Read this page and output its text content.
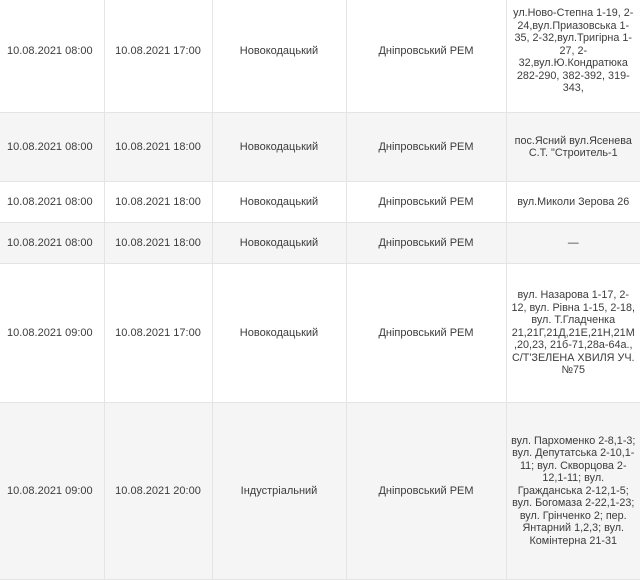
10.08.2021 08:00	10.08.2021 17:00	Новокодацький	Дніпровський РЕМ	ул.Ново-Степна 1-19, 2-24,вул.Приазовська 1-35, 2-32,вул.Тригірна 1-27, 2-32,вул.Ю.Кондратюка 282-290, 382-392, 319-343,
10.08.2021 08:00	10.08.2021 18:00	Новокодацький	Дніпровський РЕМ	пос.Ясний вул.Ясенева С.Т. "Строитель-1
10.08.2021 08:00	10.08.2021 18:00	Новокодацький	Дніпровський РЕМ	вул.Миколи Зерова 26
10.08.2021 08:00	10.08.2021 18:00	Новокодацький	Дніпровський РЕМ	—
10.08.2021 09:00	10.08.2021 17:00	Новокодацький	Дніпровський РЕМ	вул. Назарова 1-17, 2-12, вул. Рівна 1-15, 2-18, вул. Т.Гладченка 21,21Г,21Д,21Е,21Н,21М,20,23, 21б-71,28а-64а., С/Т'ЗЕЛЕНА ХВИЛЯ УЧ. №75
10.08.2021 09:00	10.08.2021 20:00	Індустріальний	Дніпровський РЕМ	вул. Пархоменко 2-8,1-3; вул. Депутатська 2-10,1-11; вул. Скворцова 2-12,1-11; вул. Гражданська 2-12,1-5; вул. Богомаза 2-22,1-23; вул. Грінченко 2; пер. Янтарний 1,2,3; вул. Комінтерна 21-31
